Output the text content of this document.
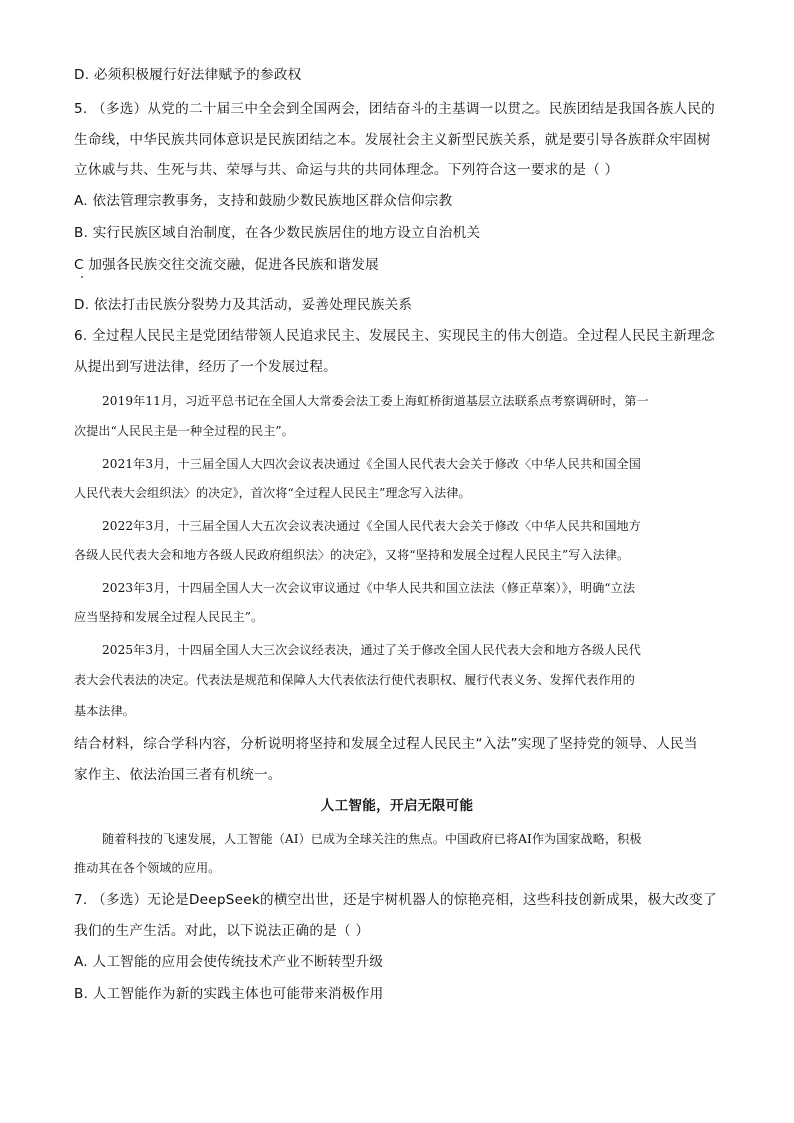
D. 必须积极履行好法律赋予的参政权
5. （多选）从党的二十届三中全会到全国两会，团结奋斗的主基调一以贯之。民族团结是我国各族人民的
生命线，中华民族共同体意识是民族团结之本。发展社会主义新型民族关系，就是要引导各族群众牢固树
立休戚与共、生死与共、荣辱与共、命运与共的共同体理念。下列符合这一要求的是（ ）
A. 依法管理宗教事务，支持和鼓励少数民族地区群众信仰宗教
B. 实行民族区域自治制度，在各少数民族居住的地方设立自治机关
C 加强各民族交往交流交融，促进各民族和谐发展
D. 依法打击民族分裂势力及其活动，妥善处理民族关系
6. 全过程人民民主是党团结带领人民追求民主、发展民主、实现民主的伟大创造。全过程人民民主新理念
从提出到写进法律，经历了一个发展过程。
2019年11月，习近平总书记在全国人大常委会法工委上海虹桥街道基层立法联系点考察调研时，第一
次提出“人民民主是一种全过程的民主”。
2021年3月，十三届全国人大四次会议表决通过《全国人民代表大会关于修改〈中华人民共和国全国
人民代表大会组织法〉的决定》，首次将“全过程人民民主”理念写入法律。
2022年3月，十三届全国人大五次会议表决通过《全国人民代表大会关于修改〈中华人民共和国地方
各级人民代表大会和地方各级人民政府组织法〉的决定》，又将“坚持和发展全过程人民民主”写入法律。
2023年3月，十四届全国人大一次会议审议通过《中华人民共和国立法法（修正草案）》，明确“立法
应当坚持和发展全过程人民民主”。
2025年3月，十四届全国人大三次会议经表决，通过了关于修改全国人民代表大会和地方各级人民代
表大会代表法的决定。代表法是规范和保障人大代表依法行使代表职权、履行代表义务、发挥代表作用的
基本法律。
结合材料，综合学科内容，分析说明将坚持和发展全过程人民民主“入法”实现了坚持党的领导、人民当
家作主、依法治国三者有机统一。
人工智能，开启无限可能
随着科技的飞速发展，人工智能（AI）已成为全球关注的焦点。中国政府已将AI作为国家战略，积极
推动其在各个领域的应用。
7. （多选）无论是DeepSeek的横空出世，还是宇树机器人的惊艳亮相，这些科技创新成果，极大改变了
我们的生产生活。对此，以下说法正确的是（ ）
A. 人工智能的应用会使传统技术产业不断转型升级
B. 人工智能作为新的实践主体也可能带来消极作用
